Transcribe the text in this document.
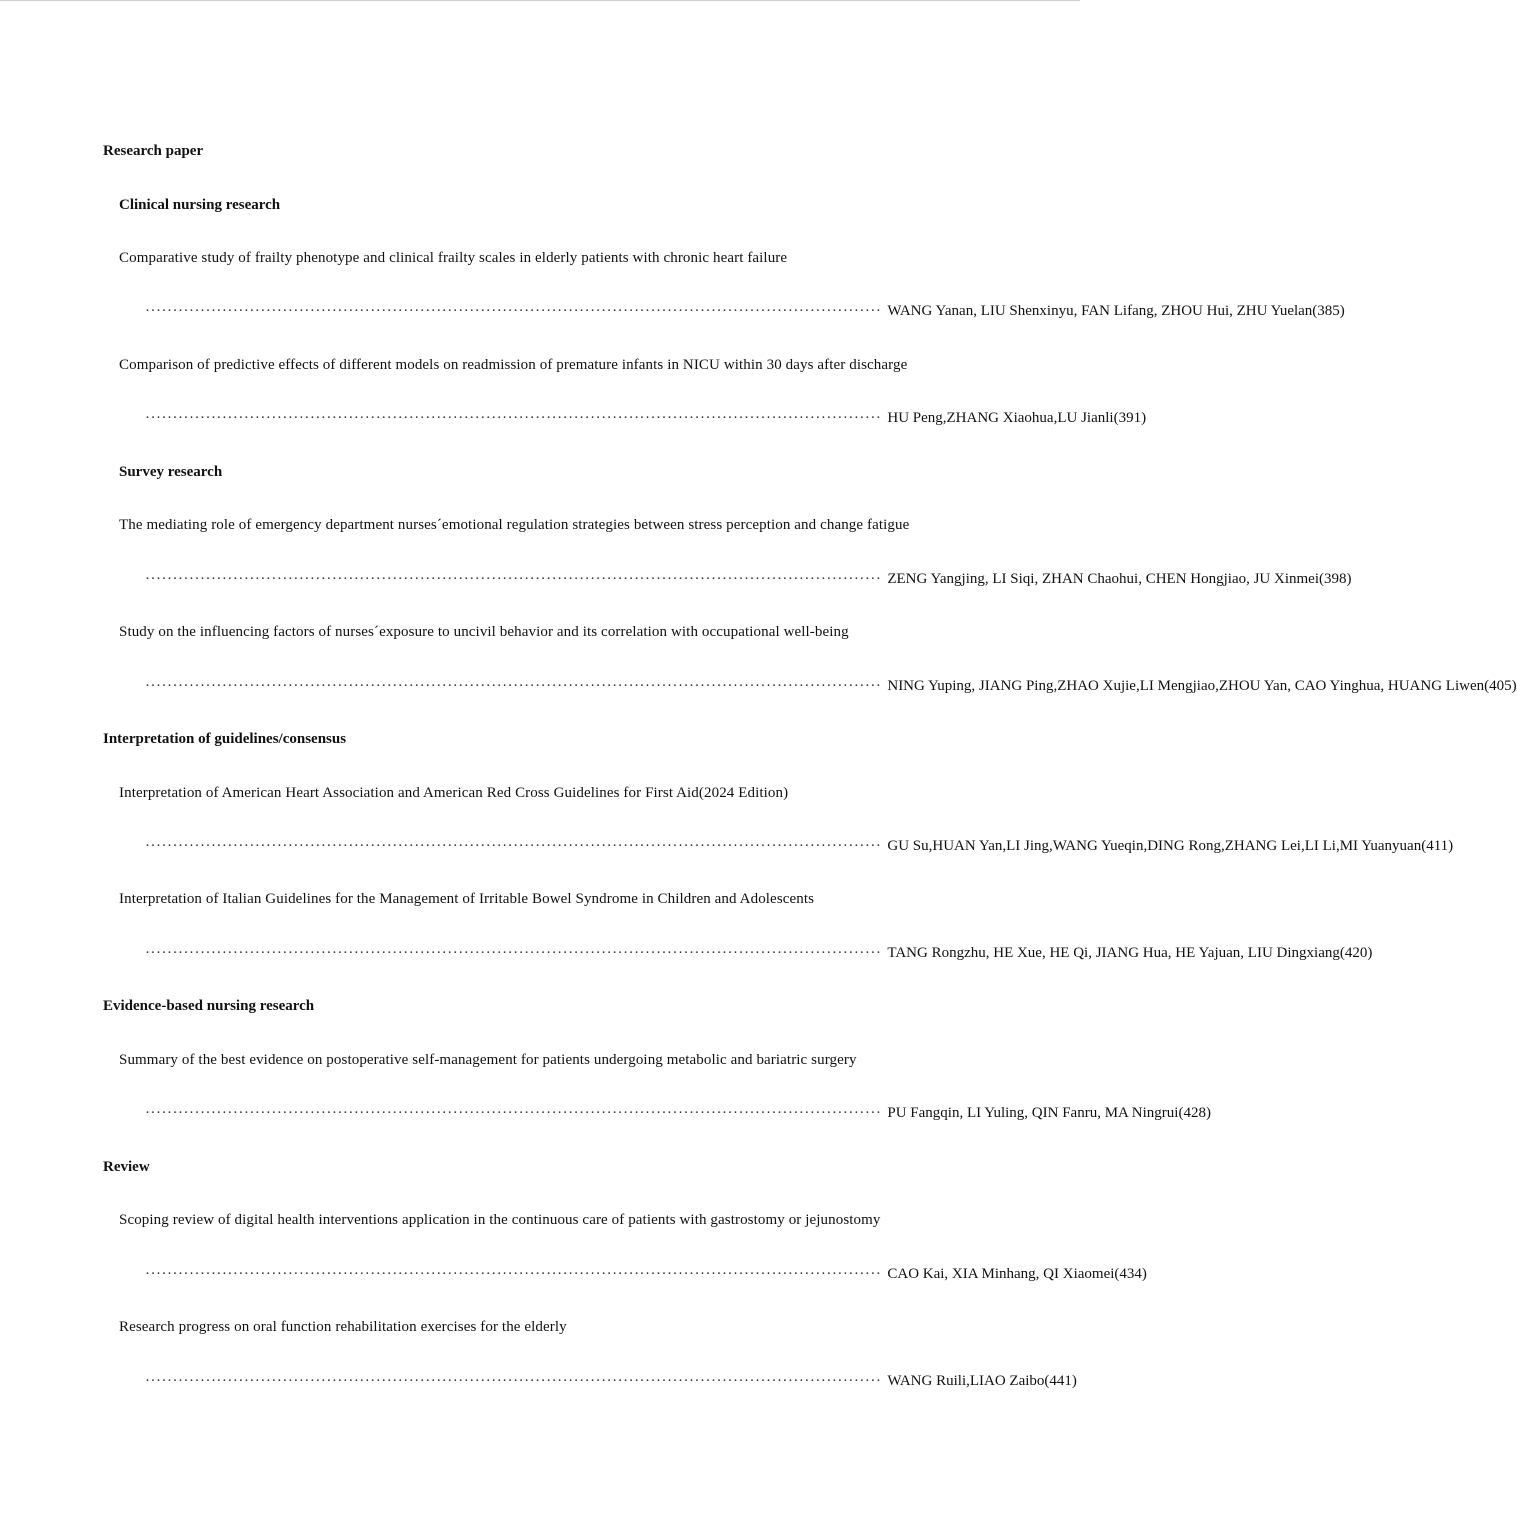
Research paper
Clinical nursing research
Comparative study of frailty phenotype and clinical frailty scales in elderly patients with chronic heart failure
······································································································································ WANG Yanan, LIU Shenxinyu, FAN Lifang, ZHOU Hui, ZHU Yuelan(385)
Comparison of predictive effects of different models on readmission of premature infants in NICU within 30 days after discharge
······································································································································ HU Peng,ZHANG Xiaohua,LU Jianli(391)
Survey research
The mediating role of emergency department nurses´emotional regulation strategies between stress perception and change fatigue
······································································································································ ZENG Yangjing, LI Siqi, ZHAN Chaohui, CHEN Hongjiao, JU Xinmei(398)
Study on the influencing factors of nurses´exposure to uncivil behavior and its correlation with occupational well-being
······································································································································ NING Yuping, JIANG Ping,ZHAO Xujie,LI Mengjiao,ZHOU Yan, CAO Yinghua, HUANG Liwen(405)
Interpretation of guidelines/consensus
Interpretation of American Heart Association and American Red Cross Guidelines for First Aid(2024 Edition)
······································································································································ GU Su,HUAN Yan,LI Jing,WANG Yueqin,DING Rong,ZHANG Lei,LI Li,MI Yuanyuan(411)
Interpretation of Italian Guidelines for the Management of Irritable Bowel Syndrome in Children and Adolescents
······································································································································ TANG Rongzhu, HE Xue, HE Qi, JIANG Hua, HE Yajuan, LIU Dingxiang(420)
Evidence-based nursing research
Summary of the best evidence on postoperative self-management for patients undergoing metabolic and bariatric surgery
······································································································································ PU Fangqin, LI Yuling, QIN Fanru, MA Ningrui(428)
Review
Scoping review of digital health interventions application in the continuous care of patients with gastrostomy or jejunostomy
······································································································································ CAO Kai, XIA Minhang, QI Xiaomei(434)
Research progress on oral function rehabilitation exercises for the elderly
······································································································································ WANG Ruili,LIAO Zaibo(441)
